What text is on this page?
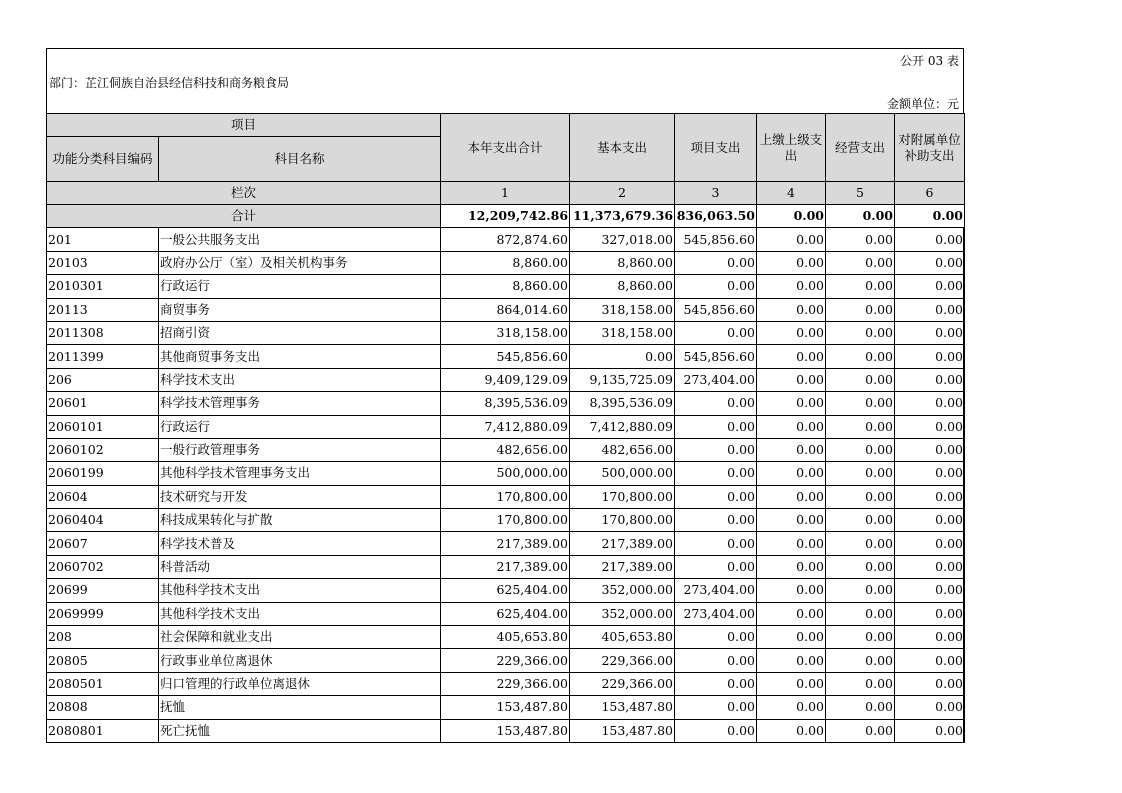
公开 03 表
部门：芷江侗族自治县经信科技和商务粮食局
金额单位：元
项目		本年支出合计	基本支出	项目支出	上缴上级支出	经营支出	对附属单位补助支出
功能分类科目编码	科目名称						
栏次		1	2	3	4	5	6
合计		12,209,742.86	11,373,679.36	836,063.50	0.00	0.00	0.00
201	一般公共服务支出	872,874.60	327,018.00	545,856.60	0.00	0.00	0.00
20103	政府办公厅（室）及相关机构事务	8,860.00	8,860.00	0.00	0.00	0.00	0.00
2010301	行政运行	8,860.00	8,860.00	0.00	0.00	0.00	0.00
20113	商贸事务	864,014.60	318,158.00	545,856.60	0.00	0.00	0.00
2011308	招商引资	318,158.00	318,158.00	0.00	0.00	0.00	0.00
2011399	其他商贸事务支出	545,856.60	0.00	545,856.60	0.00	0.00	0.00
206	科学技术支出	9,409,129.09	9,135,725.09	273,404.00	0.00	0.00	0.00
20601	科学技术管理事务	8,395,536.09	8,395,536.09	0.00	0.00	0.00	0.00
2060101	行政运行	7,412,880.09	7,412,880.09	0.00	0.00	0.00	0.00
2060102	一般行政管理事务	482,656.00	482,656.00	0.00	0.00	0.00	0.00
2060199	其他科学技术管理事务支出	500,000.00	500,000.00	0.00	0.00	0.00	0.00
20604	技术研究与开发	170,800.00	170,800.00	0.00	0.00	0.00	0.00
2060404	科技成果转化与扩散	170,800.00	170,800.00	0.00	0.00	0.00	0.00
20607	科学技术普及	217,389.00	217,389.00	0.00	0.00	0.00	0.00
2060702	科普活动	217,389.00	217,389.00	0.00	0.00	0.00	0.00
20699	其他科学技术支出	625,404.00	352,000.00	273,404.00	0.00	0.00	0.00
2069999	其他科学技术支出	625,404.00	352,000.00	273,404.00	0.00	0.00	0.00
208	社会保障和就业支出	405,653.80	405,653.80	0.00	0.00	0.00	0.00
20805	行政事业单位离退休	229,366.00	229,366.00	0.00	0.00	0.00	0.00
2080501	归口管理的行政单位离退休	229,366.00	229,366.00	0.00	0.00	0.00	0.00
20808	抚恤	153,487.80	153,487.80	0.00	0.00	0.00	0.00
2080801	死亡抚恤	153,487.80	153,487.80	0.00	0.00	0.00	0.00
